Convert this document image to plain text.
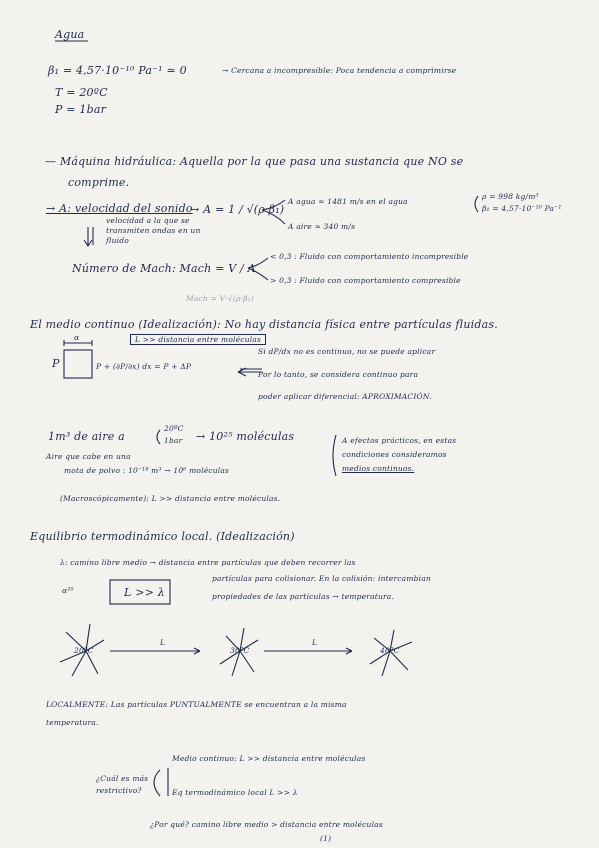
Agua
β₁ = 4,57·10⁻¹⁰ Pa⁻¹ ≃ 0	→ Cercana a incompresible: Poca tendencia a comprimirse
T = 20ºC
P = 1bar
— Máquina hidráulica: Aquella por la que pasa una sustancia que NO se
comprime.
→ A: velocidad del sonido
velocidad a la que se
transmiten ondas en un
fluido
→ A = 1 / √(ρ·β₁)
A agua ≈ 1481 m/s en el agua
ρ = 998 kg/m³
β₁ = 4,57·10⁻¹⁰ Pa⁻¹
A aire ≈ 340 m/s
Número de Mach: Mach = V / A
< 0,3 : Fluido con comportamiento incompresible
> 0,3 : Fluido con comportamiento compresible
Mach = V·√(ρ·β₁)
El medio continuo (Idealización): No hay distancia física entre partículas fluidas.
L >> distancia entre moléculas
Si dP/dx no es continuo, no se puede aplicar
Por lo tanto, se considera continuo para
poder aplicar diferencial: APROXIMACIÓN.
P
α
P + (∂P/∂x) dx = P + ΔP
1m³ de aire a
20ºC
1bar → 10²⁵ moléculas
Aire que cabe en una
mota de polvo : 10⁻¹⁸ m³ → 10⁶ moléculas
A efectos prácticos, en estas
condiciones consideramos
medios continuos.
(Macroscópicamente): L >> distancia entre moléculas.
Equilibrio termodinámico local. (Idealización)
λ: camino libre medio → distancia entre partículas que deben recorrer las
partículas para colisionar. En la colisión: intercambian
propiedades de las partículas → temperatura.
L >> λ
α²⁰
20ºC	30ºC	40ºC
L	L
LOCALMENTE: Las partículas PUNTUALMENTE se encuentran a la misma
temperatura.
Medio continuo: L >> distancia entre moléculas
¿Cuál es más
restrictivo?	Eq termodinámico local L >> λ
¿Por qué? camino libre medio > distancia entre moléculas
(1)
